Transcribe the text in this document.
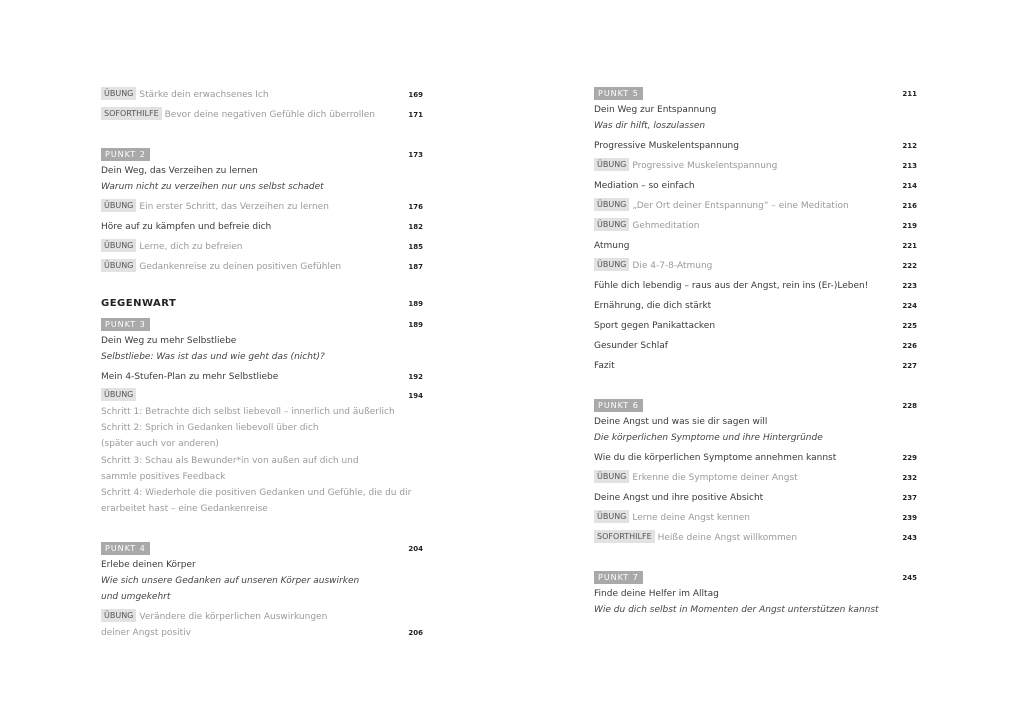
ÜBUNG Stärke dein erwachsenes Ich	169
SOFORTHILFE Bevor deine negativen Gefühle dich überrollen	171
PUNKT 2	173
Dein Weg, das Verzeihen zu lernen
Warum nicht zu verzeihen nur uns selbst schadet
ÜBUNG Ein erster Schritt, das Verzeihen zu lernen	176
Höre auf zu kämpfen und befreie dich	182
ÜBUNG Lerne, dich zu befreien	185
ÜBUNG Gedankenreise zu deinen positiven Gefühlen	187
GEGENWART	189
PUNKT 3	189
Dein Weg zu mehr Selbstliebe
Selbstliebe: Was ist das und wie geht das (nicht)?
Mein 4-Stufen-Plan zu mehr Selbstliebe	192
ÜBUNG	194
Schritt 1: Betrachte dich selbst liebevoll – innerlich und äußerlich
Schritt 2: Sprich in Gedanken liebevoll über dich
(später auch vor anderen)
Schritt 3: Schau als Bewunder*in von außen auf dich und
sammle positives Feedback
Schritt 4: Wiederhole die positiven Gedanken und Gefühle, die du dir
erarbeitet hast – eine Gedankenreise
PUNKT 4	204
Erlebe deinen Körper
Wie sich unsere Gedanken auf unseren Körper auswirken
und umgekehrt
ÜBUNG Verändere die körperlichen Auswirkungen
deiner Angst positiv	206
PUNKT 5	211
Dein Weg zur Entspannung
Was dir hilft, loszulassen
Progressive Muskelentspannung	212
ÜBUNG Progressive Muskelentspannung	213
Mediation – so einfach	214
ÜBUNG „Der Ort deiner Entspannung“ – eine Meditation	216
ÜBUNG Gehmeditation	219
Atmung	221
ÜBUNG Die 4-7-8-Atmung	222
Fühle dich lebendig – raus aus der Angst, rein ins (Er-)Leben!	223
Ernährung, die dich stärkt	224
Sport gegen Panikattacken	225
Gesunder Schlaf	226
Fazit	227
PUNKT 6	228
Deine Angst und was sie dir sagen will
Die körperlichen Symptome und ihre Hintergründe
Wie du die körperlichen Symptome annehmen kannst	229
ÜBUNG Erkenne die Symptome deiner Angst	232
Deine Angst und ihre positive Absicht	237
ÜBUNG Lerne deine Angst kennen	239
SOFORTHILFE Heiße deine Angst willkommen	243
PUNKT 7	245
Finde deine Helfer im Alltag
Wie du dich selbst in Momenten der Angst unterstützen kannst
